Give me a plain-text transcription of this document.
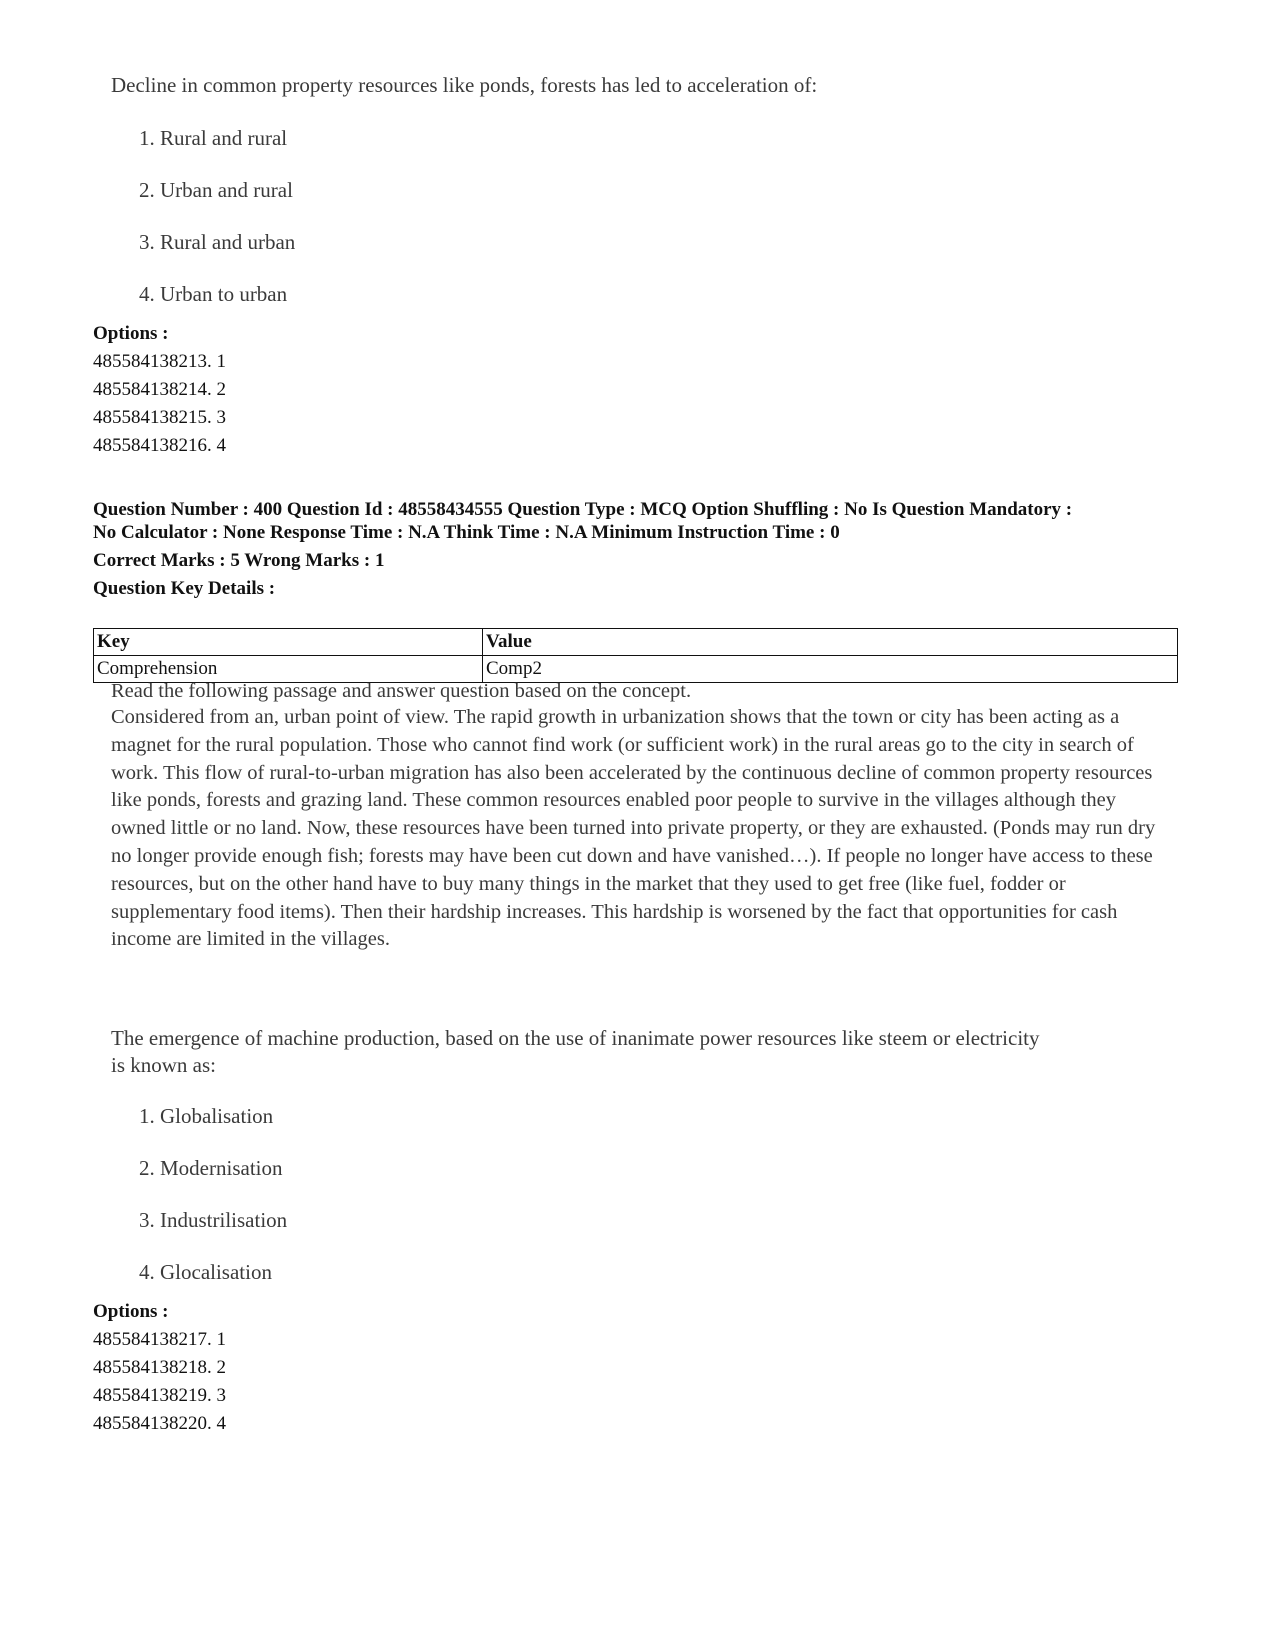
Decline in common property resources like ponds, forests has led to acceleration of:
1. Rural and rural
2. Urban and rural
3. Rural and urban
4. Urban to urban
Options :
485584138213. 1
485584138214. 2
485584138215. 3
485584138216. 4
Question Number : 400 Question Id : 48558434555 Question Type : MCQ Option Shuffling : No Is Question Mandatory :
No Calculator : None Response Time : N.A Think Time : N.A Minimum Instruction Time : 0
Correct Marks : 5 Wrong Marks : 1
Question Key Details :
Key	Value
Comprehension	Comp2
Read the following passage and answer question based on the concept.
Considered from an, urban point of view. The rapid growth in urbanization shows that the town or city has been acting as a magnet for the rural population. Those who cannot find work (or sufficient work) in the rural areas go to the city in search of work. This flow of rural-to-urban migration has also been accelerated by the continuous decline of common property resources like ponds, forests and grazing land. These common resources enabled poor people to survive in the villages although they owned little or no land. Now, these resources have been turned into private property, or they are exhausted. (Ponds may run dry no longer provide enough fish; forests may have been cut down and have vanished…). If people no longer have access to these resources, but on the other hand have to buy many things in the market that they used to get free (like fuel, fodder or supplementary food items). Then their hardship increases. This hardship is worsened by the fact that opportunities for cash income are limited in the villages.
The emergence of machine production, based on the use of inanimate power resources like steem or electricity
is known as:
1. Globalisation
2. Modernisation
3. Industrilisation
4. Glocalisation
Options :
485584138217. 1
485584138218. 2
485584138219. 3
485584138220. 4
